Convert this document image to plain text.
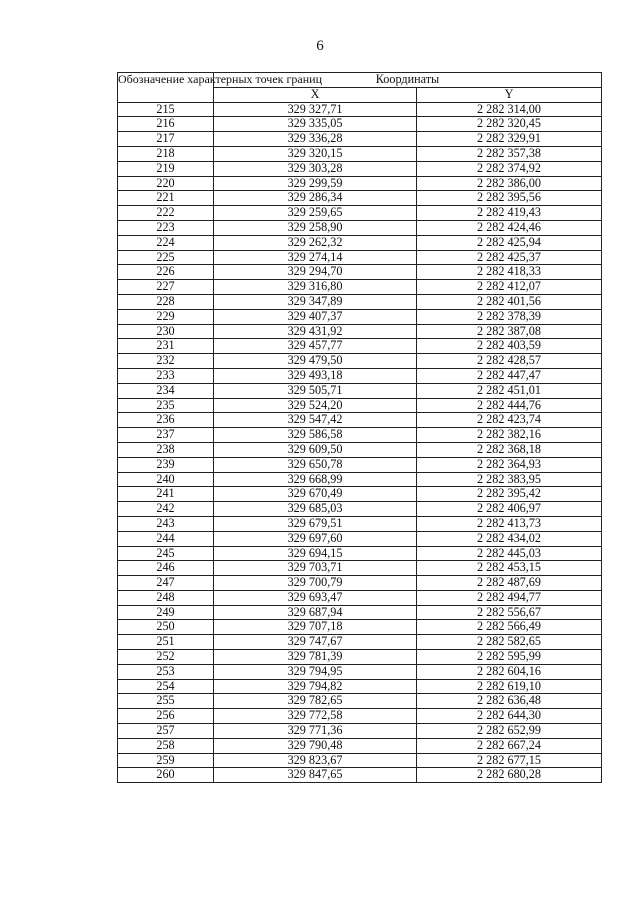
6
Обозначение характерных точек границ	Координаты	
	X	Y
215	329 327,71	2 282 314,00
216	329 335,05	2 282 320,45
217	329 336,28	2 282 329,91
218	329 320,15	2 282 357,38
219	329 303,28	2 282 374,92
220	329 299,59	2 282 386,00
221	329 286,34	2 282 395,56
222	329 259,65	2 282 419,43
223	329 258,90	2 282 424,46
224	329 262,32	2 282 425,94
225	329 274,14	2 282 425,37
226	329 294,70	2 282 418,33
227	329 316,80	2 282 412,07
228	329 347,89	2 282 401,56
229	329 407,37	2 282 378,39
230	329 431,92	2 282 387,08
231	329 457,77	2 282 403,59
232	329 479,50	2 282 428,57
233	329 493,18	2 282 447,47
234	329 505,71	2 282 451,01
235	329 524,20	2 282 444,76
236	329 547,42	2 282 423,74
237	329 586,58	2 282 382,16
238	329 609,50	2 282 368,18
239	329 650,78	2 282 364,93
240	329 668,99	2 282 383,95
241	329 670,49	2 282 395,42
242	329 685,03	2 282 406,97
243	329 679,51	2 282 413,73
244	329 697,60	2 282 434,02
245	329 694,15	2 282 445,03
246	329 703,71	2 282 453,15
247	329 700,79	2 282 487,69
248	329 693,47	2 282 494,77
249	329 687,94	2 282 556,67
250	329 707,18	2 282 566,49
251	329 747,67	2 282 582,65
252	329 781,39	2 282 595,99
253	329 794,95	2 282 604,16
254	329 794,82	2 282 619,10
255	329 782,65	2 282 636,48
256	329 772,58	2 282 644,30
257	329 771,36	2 282 652,99
258	329 790,48	2 282 667,24
259	329 823,67	2 282 677,15
260	329 847,65	2 282 680,28
